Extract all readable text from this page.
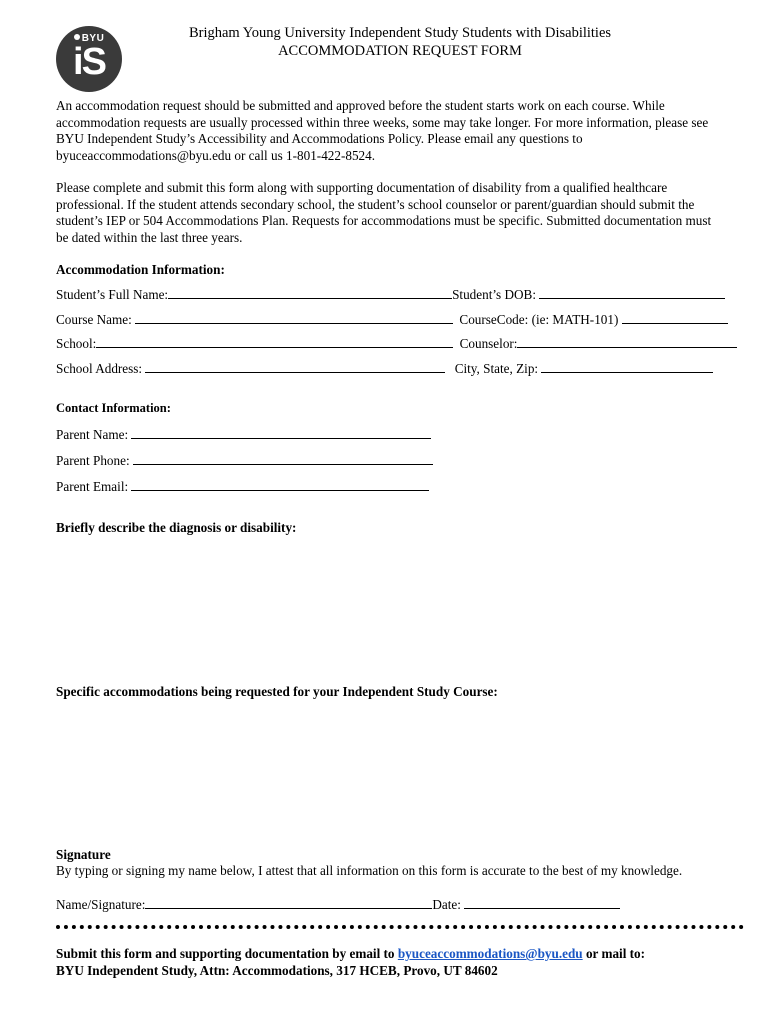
BYU
iS
Brigham Young University Independent Study Students with Disabilities
ACCOMMODATION REQUEST FORM
An accommodation request should be submitted and approved before the student starts work on each course. While accommodation requests are usually processed within three weeks, some may take longer. For more information, please see BYU Independent Study’s Accessibility and Accommodations Policy. Please email any questions to byuceaccommodations@byu.edu or call us 1-801-422-8524.
Please complete and submit this form along with supporting documentation of disability from a qualified healthcare professional. If the student attends secondary school, the student’s school counselor or parent/guardian should submit the student’s IEP or 504 Accommodations Plan. Requests for accommodations must be specific. Submitted documentation must be dated within the last three years.
Accommodation Information:
Student’s Full Name:	Student’s DOB:
Course Name:	CourseCode: (ie: MATH-101)
School:	Counselor:
School Address:	City, State, Zip:
Contact Information:
Parent Name:
Parent Phone:
Parent Email:
Briefly describe the diagnosis or disability:
Specific accommodations being requested for your Independent Study Course:
Signature
By typing or signing my name below, I attest that all information on this form is accurate to the best of my knowledge.
Name/Signature:	Date:
Submit this form and supporting documentation by email to byuceaccommodations@byu.edu or mail to:
BYU Independent Study, Attn: Accommodations, 317 HCEB, Provo, UT 84602
